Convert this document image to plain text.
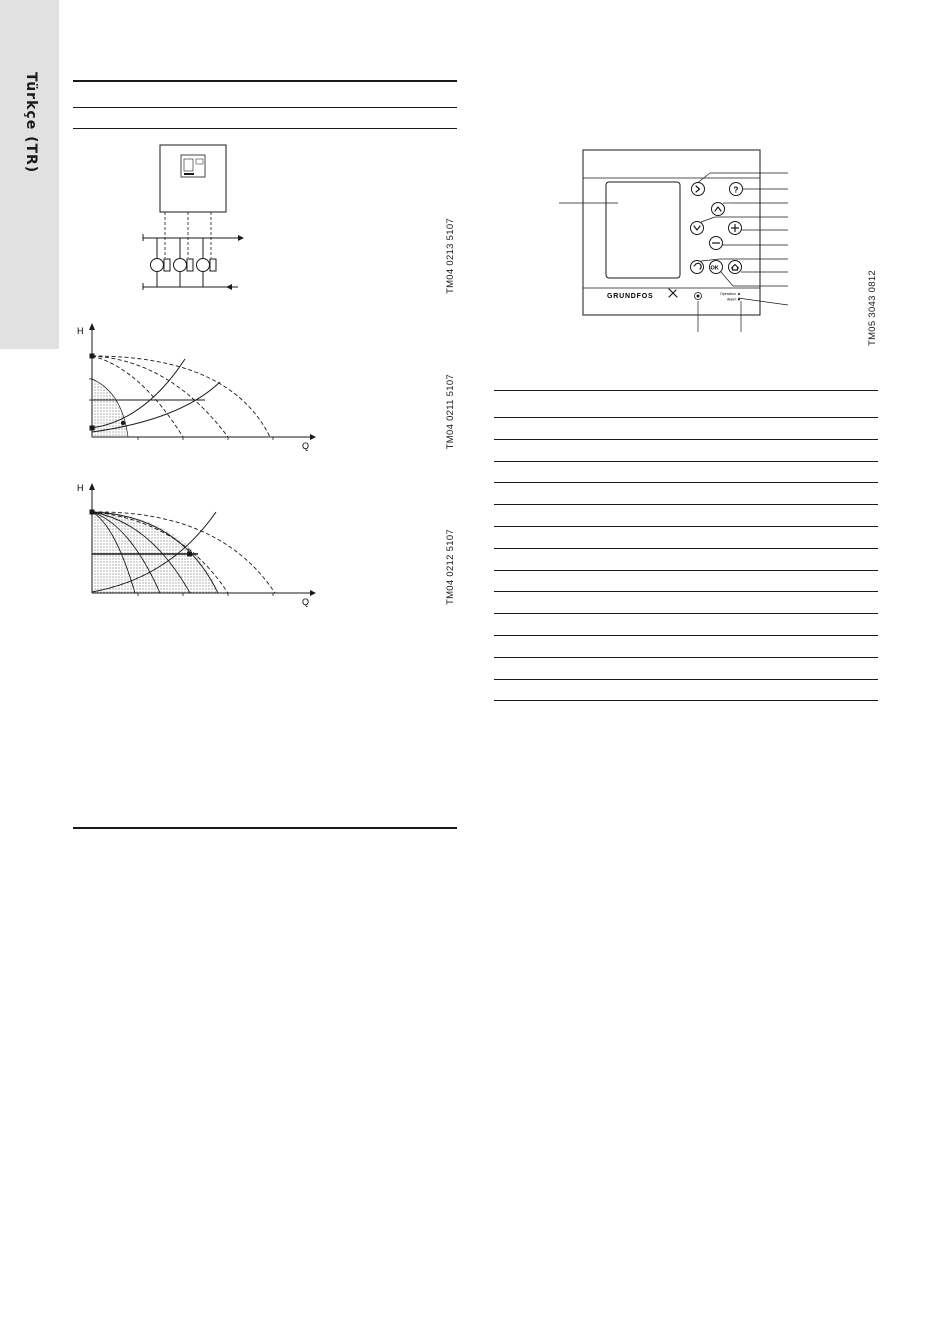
Türkçe (TR)
TM04 0213 5107
H
Q	TM04 0211 5107
H
Q	TM04 0212 5107
?
OK
GRUNDFOS	Operation
Alarm	TM05 3043 0812
